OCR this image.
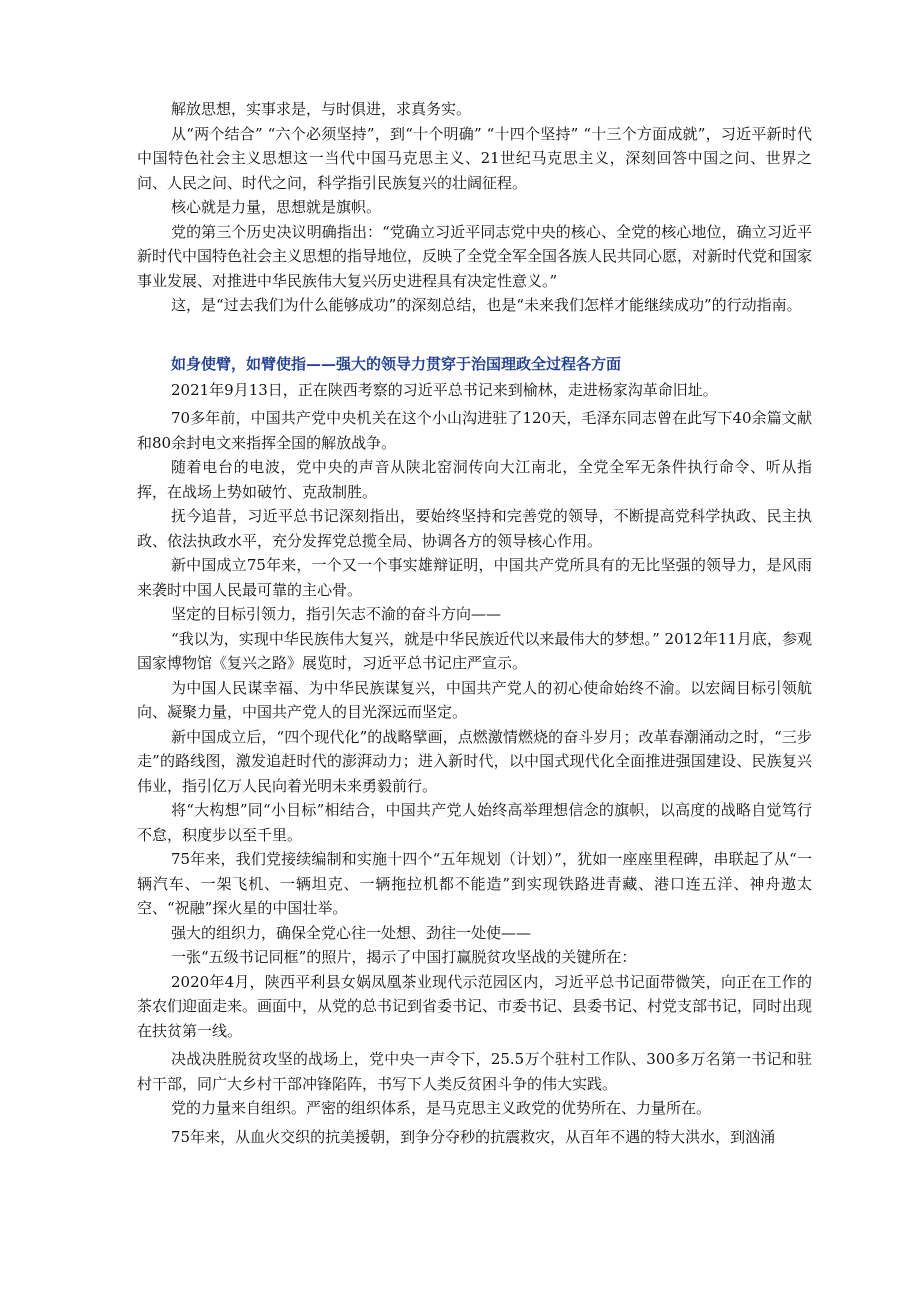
解放思想，实事求是，与时俱进，求真务实。

从“两个结合” “六个必须坚持”，到“十个明确” “十四个坚持” “十三个方面成就”，习近平新时代中国特色社会主义思想这一当代中国马克思主义、21世纪马克思主义，深刻回答中国之问、世界之问、人民之问、时代之问，科学指引民族复兴的壮阔征程。

核心就是力量，思想就是旗帜。

党的第三个历史决议明确指出：“党确立习近平同志党中央的核心、全党的核心地位，确立习近平新时代中国特色社会主义思想的指导地位，反映了全党全军全国各族人民共同心愿，对新时代党和国家事业发展、对推进中华民族伟大复兴历史进程具有决定性意义。”

这，是“过去我们为什么能够成功”的深刻总结，也是“未来我们怎样才能继续成功”的行动指南。

如身使臂，如臂使指——强大的领导力贯穿于治国理政全过程各方面

2021年9月13日，正在陕西考察的习近平总书记来到榆林，走进杨家沟革命旧址。

70多年前，中国共产党中央机关在这个小山沟进驻了120天，毛泽东同志曾在此写下40余篇文献和80余封电文来指挥全国的解放战争。

随着电台的电波，党中央的声音从陕北窑洞传向大江南北，全党全军无条件执行命令、听从指挥，在战场上势如破竹、克敌制胜。

抚今追昔，习近平总书记深刻指出，要始终坚持和完善党的领导，不断提高党科学执政、民主执政、依法执政水平，充分发挥党总揽全局、协调各方的领导核心作用。

新中国成立75年来，一个又一个事实雄辩证明，中国共产党所具有的无比坚强的领导力，是风雨来袭时中国人民最可靠的主心骨。

坚定的目标引领力，指引矢志不渝的奋斗方向——

“我以为，实现中华民族伟大复兴，就是中华民族近代以来最伟大的梦想。” 2012年11月底，参观国家博物馆《复兴之路》展览时，习近平总书记庄严宣示。

为中国人民谋幸福、为中华民族谋复兴，中国共产党人的初心使命始终不渝。以宏阔目标引领航向、凝聚力量，中国共产党人的目光深远而坚定。

新中国成立后，“四个现代化”的战略擘画，点燃激情燃烧的奋斗岁月；改革春潮涌动之时，“三步走”的路线图，激发追赶时代的澎湃动力；进入新时代，以中国式现代化全面推进强国建设、民族复兴伟业，指引亿万人民向着光明未来勇毅前行。

将“大构想”同“小目标”相结合，中国共产党人始终高举理想信念的旗帜，以高度的战略自觉笃行不怠，积度步以至千里。

75年来，我们党接续编制和实施十四个“五年规划（计划）”，犹如一座座里程碑，串联起了从“一辆汽车、一架飞机、一辆坦克、一辆拖拉机都不能造”到实现铁路进青藏、港口连五洋、神舟遨太空、“祝融”探火星的中国壮举。

强大的组织力，确保全党心往一处想、劲往一处使——

一张“五级书记同框”的照片，揭示了中国打赢脱贫攻坚战的关键所在：

2020年4月，陕西平利县女娲凤凰茶业现代示范园区内，习近平总书记面带微笑，向正在工作的茶农们迎面走来。画面中，从党的总书记到省委书记、市委书记、县委书记、村党支部书记，同时出现在扶贫第一线。

决战决胜脱贫攻坚的战场上，党中央一声令下，25.5万个驻村工作队、300多万名第一书记和驻村干部，同广大乡村干部冲锋陷阵，书写下人类反贫困斗争的伟大实践。

党的力量来自组织。严密的组织体系，是马克思主义政党的优势所在、力量所在。

75年来，从血火交织的抗美援朝，到争分夺秒的抗震救灾，从百年不遇的特大洪水，到汹涌
